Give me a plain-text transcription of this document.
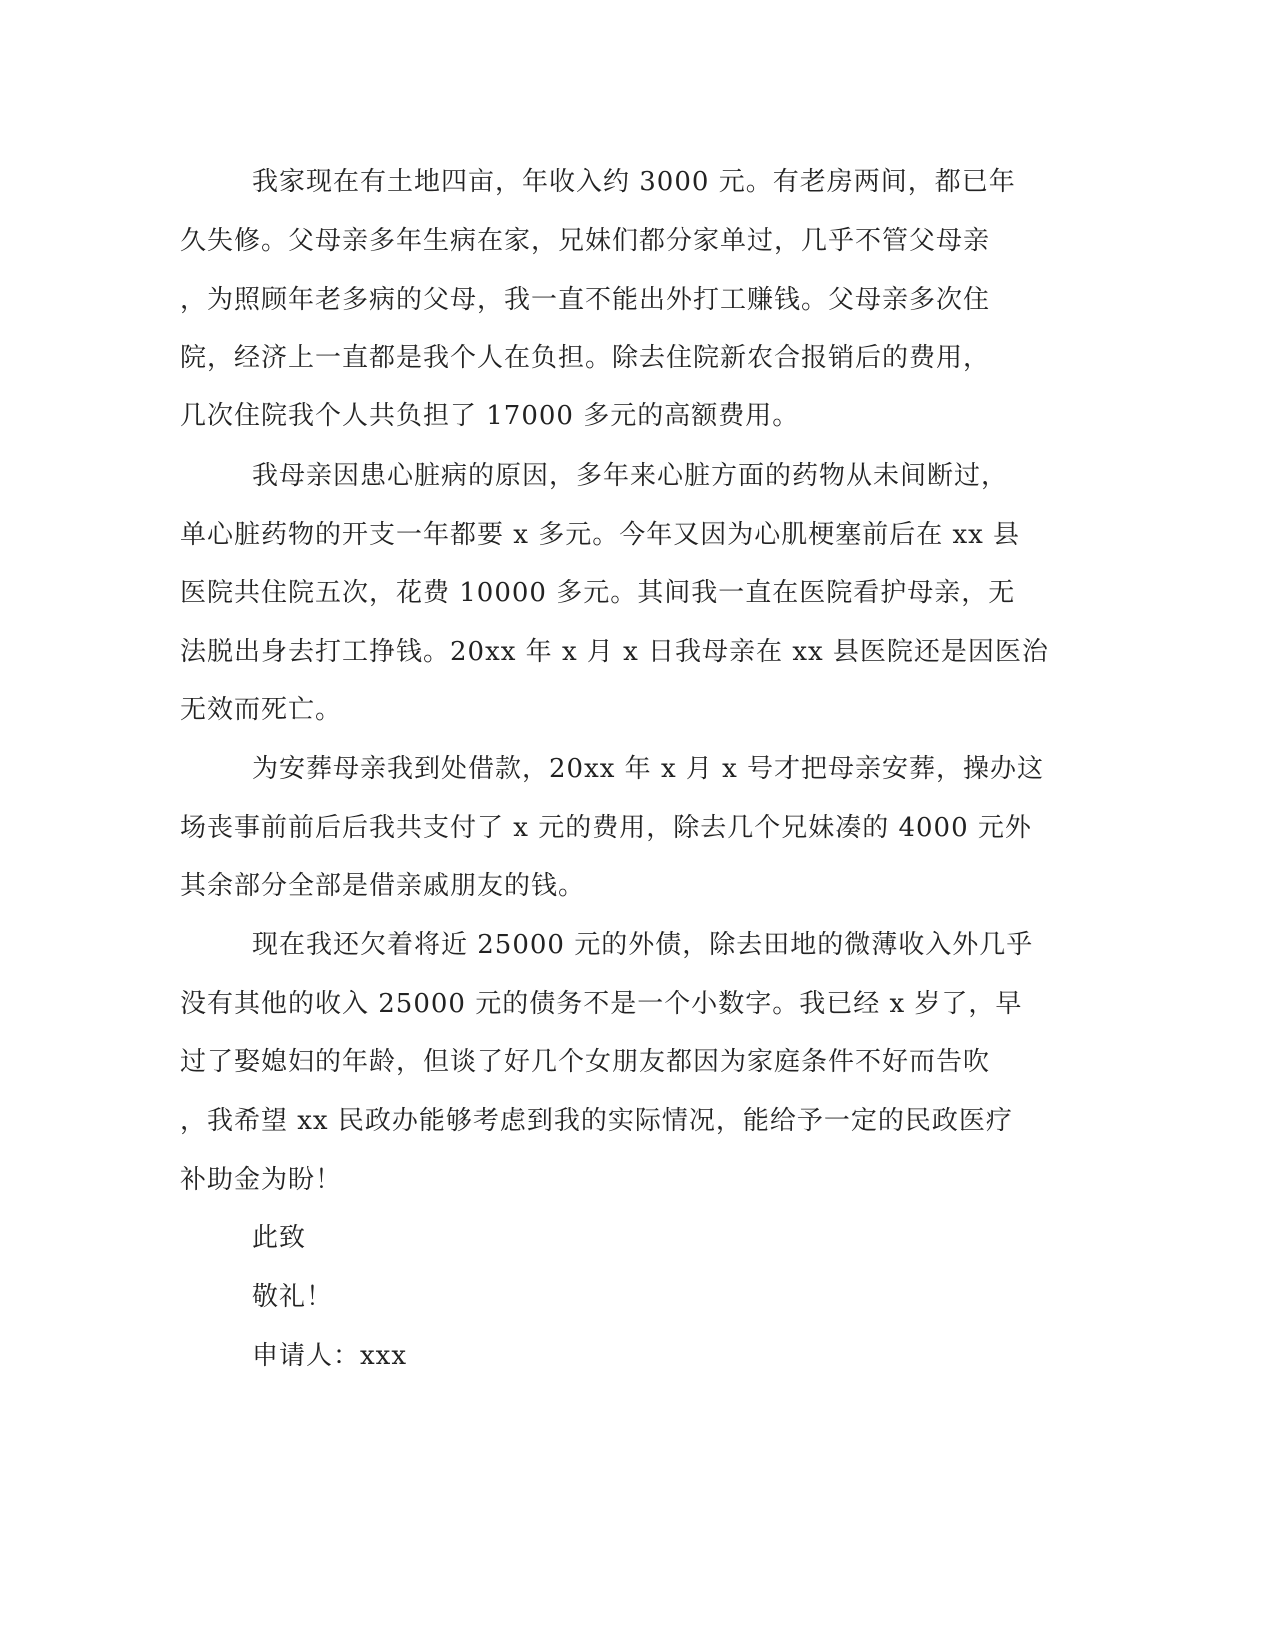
我家现在有土地四亩，年收入约 3000 元。有老房两间，都已年
久失修。父母亲多年生病在家，兄妹们都分家单过，几乎不管父母亲
，为照顾年老多病的父母，我一直不能出外打工赚钱。父母亲多次住
院，经济上一直都是我个人在负担。除去住院新农合报销后的费用，
几次住院我个人共负担了 17000 多元的高额费用。
我母亲因患心脏病的原因，多年来心脏方面的药物从未间断过，
单心脏药物的开支一年都要 x 多元。今年又因为心肌梗塞前后在 xx 县
医院共住院五次，花费 10000 多元。其间我一直在医院看护母亲，无
法脱出身去打工挣钱。20xx 年 x 月 x 日我母亲在 xx 县医院还是因医治
无效而死亡。
为安葬母亲我到处借款，20xx 年 x 月 x 号才把母亲安葬，操办这
场丧事前前后后我共支付了 x 元的费用，除去几个兄妹凑的 4000 元外
其余部分全部是借亲戚朋友的钱。
现在我还欠着将近 25000 元的外债，除去田地的微薄收入外几乎
没有其他的收入 25000 元的债务不是一个小数字。我已经 x 岁了，早
过了娶媳妇的年龄，但谈了好几个女朋友都因为家庭条件不好而告吹
，我希望 xx 民政办能够考虑到我的实际情况，能给予一定的民政医疗
补助金为盼！
此致
敬礼！
申请人：xxx
